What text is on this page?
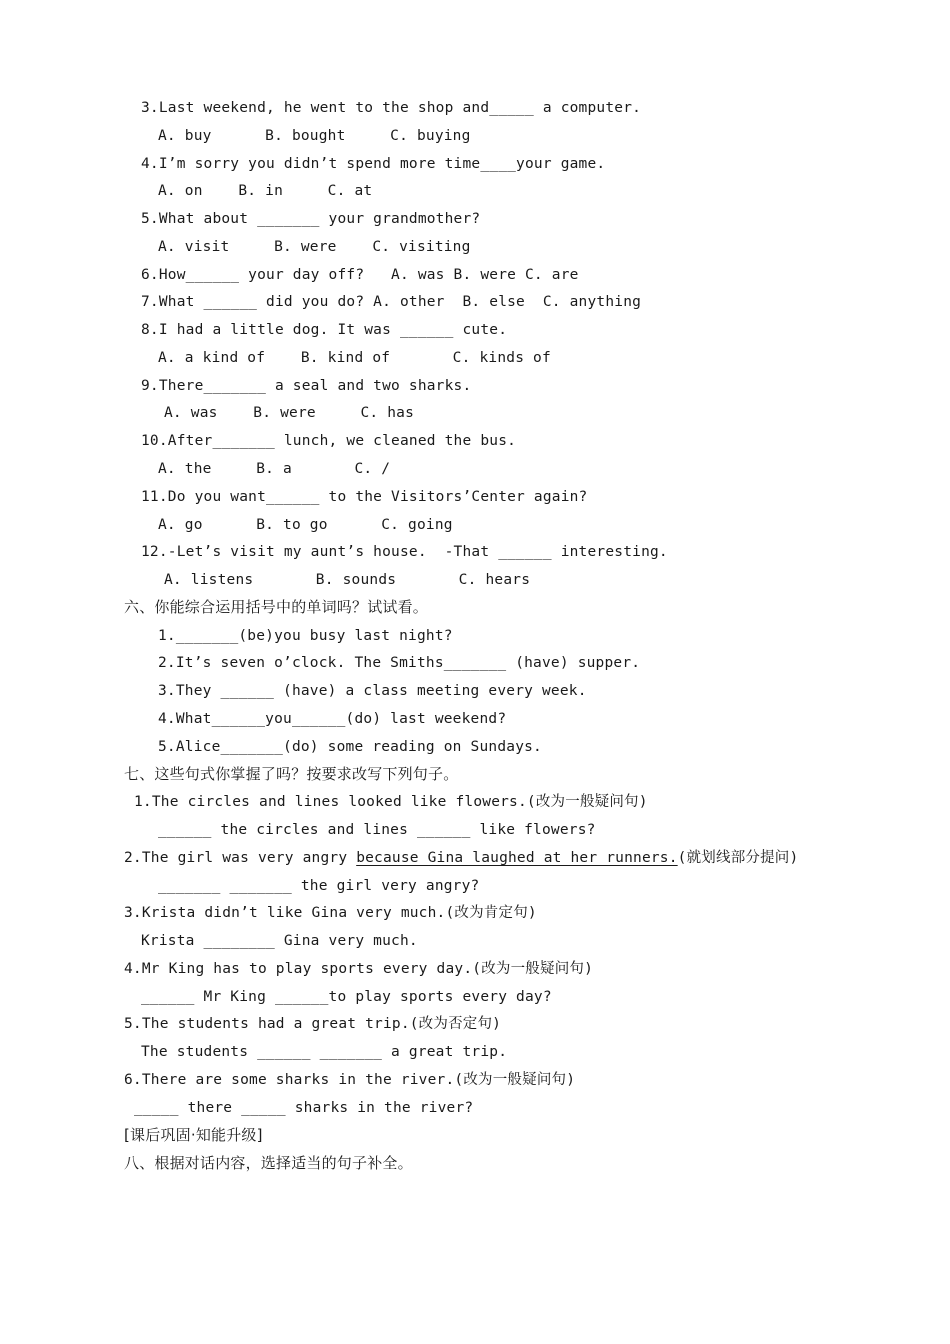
3.Last weekend, he went to the shop and_____ a computer.
A. buy      B. bought     C. buying
4.I’m sorry you didn’t spend more time____your game.
A. on    B. in     C. at
5.What about _______ your grandmother?
A. visit     B. were    C. visiting
6.How______ your day off?   A. was B. were C. are
7.What ______ did you do? A. other  B. else  C. anything
8.I had a little dog. It was ______ cute.
A. a kind of    B. kind of       C. kinds of
9.There_______ a seal and two sharks.
A. was    B. were     C. has
10.After_______ lunch, we cleaned the bus.
A. the     B. a       C. /
11.Do you want______ to the Visitors’Center again?
A. go      B. to go      C. going
12.-Let’s visit my aunt’s house.  -That ______ interesting.
A. listens       B. sounds       C. hears
六、你能综合运用括号中的单词吗？试试看。
1._______(be)you busy last night?
2.It’s seven o’clock. The Smiths_______ (have) supper.
3.They ______ (have) a class meeting every week.
4.What______you______(do) last weekend?
5.Alice_______(do) some reading on Sundays.
七、这些句式你掌握了吗？按要求改写下列句子。
1.The circles and lines looked like flowers.(改为一般疑问句)
______ the circles and lines ______ like flowers?
2.The girl was very angry because Gina laughed at her runners.(就划线部分提问)
_______ _______ the girl very angry?
3.Krista didn’t like Gina very much.(改为肯定句)
Krista ________ Gina very much.
4.Mr King has to play sports every day.(改为一般疑问句)
______ Mr King ______to play sports every day?
5.The students had a great trip.(改为否定句)
The students ______ _______ a great trip.
6.There are some sharks in the river.(改为一般疑问句)
_____ there _____ sharks in the river?
[课后巩固·知能升级]
八、根据对话内容，选择适当的句子补全。
